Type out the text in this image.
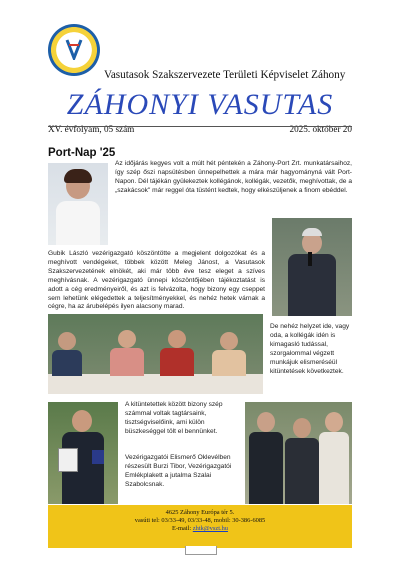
Vasutasok Szakszervezete Területi Képviselet Záhony
ZÁHONYI VASUTAS
XV. évfolyam, 05 szám	2025. október 20
Port-Nap '25
Az időjárás kegyes volt a múlt hét péntekén a Záhony-Port Zrt. munkatársaihoz, így szép őszi napsütésben ünnepelhettek a mára már hagyományná vált Port-Napon. Dél tájékán gyülekeztek kollégánok, kollégák, vezetők, meghívottak, de a „szakácsok" már reggel óta tüstént kedtek, hogy elkészüljenek a finom ebéddel.
Gubik László vezérigazgató köszöntötte a megjelent dolgozókat és a meghívott vendégeket, többek között Meleg Jánost, a Vasutasok Szakszervezetének elnökét, aki már több éve tesz eleget a szíves meghívásnak. A vezérigazgató ünnepi köszöntőjében tájékoztatást is adott a cég eredményeiről, és azt is felvázolta, hogy bizony egy cseppet sem lehetünk elégedettek a teljesítményekkel, és nehéz hetek várnak a cégre, ha az árubelépés ilyen alacsony marad.
De nehéz helyzet ide, vagy oda, a kollégák idén is kimagasló tudással, szorgalommal végzett munkájuk elismeréséül kitüntetések következtek.
A kitüntetettek között bizony szép számmal voltak tagtársaink, tisztségviselőink, ami külön büszkeséggel tölt el bennünket.
Vezérigazgatói Elismerő Oklevélben részesült Burzi Tibor, Vezérigazgatói Emlékplakett a jutalma Szalai Szabolcsnak.
4625 Záhony Európa tér 5.
vasúti tel: 03/33-49, 03/33-48, mobil: 30-386-6085
E-mail: zhtk@vszt.hu
